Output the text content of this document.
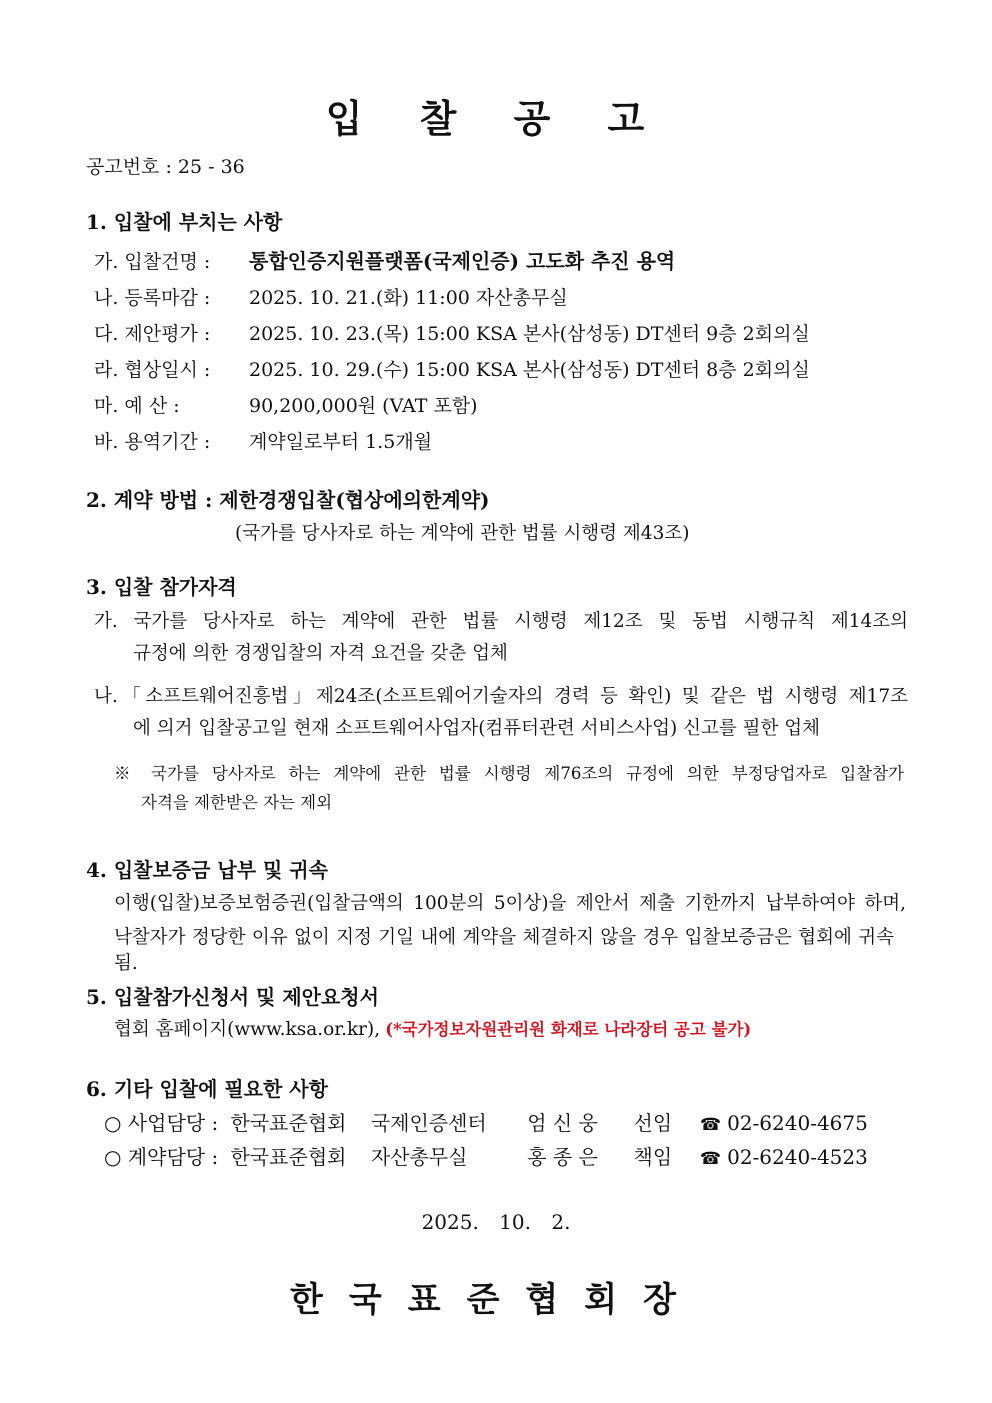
입 찰 공 고
공고번호 : 25 - 36
1. 입찰에 부치는 사항
가. 입찰건명 : 통합인증지원플랫폼(국제인증) 고도화 추진 용역
나. 등록마감 : 2025. 10. 21.(화) 11:00 자산총무실
다. 제안평가 : 2025. 10. 23.(목) 15:00 KSA 본사(삼성동) DT센터 9층 2회의실
라. 협상일시 : 2025. 10. 29.(수) 15:00 KSA 본사(삼성동) DT센터 8층 2회의실
마. 예 산 :	90,200,000원 (VAT 포함)
바. 용역기간 : 계약일로부터 1.5개월
2. 계약 방법 : 제한경쟁입찰(협상에의한계약)
(국가를 당사자로 하는 계약에 관한 법률 시행령 제43조)
3. 입찰 참가자격
가. 국가를 당사자로 하는 계약에 관한 법률 시행령 제12조 및 동법 시행규칙 제14조의
규정에 의한 경쟁입찰의 자격 요건을 갖춘 업체
나.「소프트웨어진흥법」제24조(소프트웨어기술자의 경력 등 확인) 및 같은 법 시행령 제17조
에 의거 입찰공고일 현재 소프트웨어사업자(컴퓨터관련 서비스사업) 신고를 필한 업체
※ 국가를 당사자로 하는 계약에 관한 법률 시행령 제76조의 규정에 의한 부정당업자로 입찰참가
자격을 제한받은 자는 제외
4. 입찰보증금 납부 및 귀속
이행(입찰)보증보험증권(입찰금액의 100분의 5이상)을 제안서 제출 기한까지 납부하여야 하며,
낙찰자가 정당한 이유 없이 지정 기일 내에 계약을 체결하지 않을 경우 입찰보증금은 협회에 귀속됨.
5. 입찰참가신청서 및 제안요청서
협회 홈페이지(www.ksa.or.kr), (*국가정보자원관리원 화재로 나라장터 공고 불가)
6. 기타 입찰에 필요한 사항
○ 사업담당 : 한국표준협회 국제인증센터 엄 신 웅 선임 ☎ 02-6240-4675
○ 계약담당 : 한국표준협회 자산총무실	홍 종 은 책임 ☎ 02-6240-4523
2025. 10. 2.
한국표준협회장
